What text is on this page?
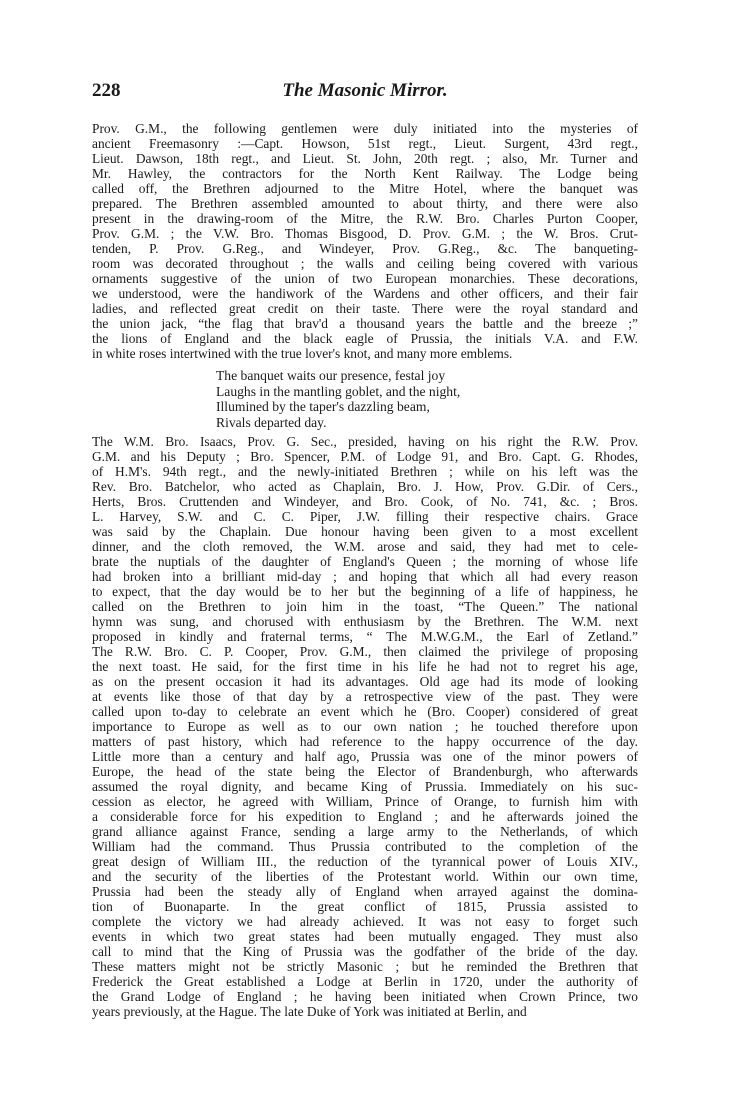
228	The Masonic Mirror.
Prov. G.M., the following gentlemen were duly initiated into the mysteries of
ancient Freemasonry :—Capt. Howson, 51st regt., Lieut. Surgent, 43rd regt.,
Lieut. Dawson, 18th regt., and Lieut. St. John, 20th regt. ; also, Mr. Turner and
Mr. Hawley, the contractors for the North Kent Railway. The Lodge being
called off, the Brethren adjourned to the Mitre Hotel, where the banquet was
prepared. The Brethren assembled amounted to about thirty, and there were also
present in the drawing-room of the Mitre, the R.W. Bro. Charles Purton Cooper,
Prov. G.M. ; the V.W. Bro. Thomas Bisgood, D. Prov. G.M. ; the W. Bros. Crut-
tenden, P. Prov. G.Reg., and Windeyer, Prov. G.Reg., &c. The banqueting-
room was decorated throughout ; the walls and ceiling being covered with various
ornaments suggestive of the union of two European monarchies. These decorations,
we understood, were the handiwork of the Wardens and other officers, and their fair
ladies, and reflected great credit on their taste. There were the royal standard and
the union jack, “the flag that brav'd a thousand years the battle and the breeze ;”
the lions of England and the black eagle of Prussia, the initials V.A. and F.W.
in white roses intertwined with the true lover's knot, and many more emblems.
The banquet waits our presence, festal joy
Laughs in the mantling goblet, and the night,
Illumined by the taper's dazzling beam,
Rivals departed day.
The W.M. Bro. Isaacs, Prov. G. Sec., presided, having on his right the R.W. Prov.
G.M. and his Deputy ; Bro. Spencer, P.M. of Lodge 91, and Bro. Capt. G. Rhodes,
of H.M's. 94th regt., and the newly-initiated Brethren ; while on his left was the
Rev. Bro. Batchelor, who acted as Chaplain, Bro. J. How, Prov. G.Dir. of Cers.,
Herts, Bros. Cruttenden and Windeyer, and Bro. Cook, of No. 741, &c. ; Bros.
L. Harvey, S.W. and C. C. Piper, J.W. filling their respective chairs. Grace
was said by the Chaplain. Due honour having been given to a most excellent
dinner, and the cloth removed, the W.M. arose and said, they had met to cele-
brate the nuptials of the daughter of England's Queen ; the morning of whose life
had broken into a brilliant mid-day ; and hoping that which all had every reason
to expect, that the day would be to her but the beginning of a life of happiness, he
called on the Brethren to join him in the toast, “The Queen.” The national
hymn was sung, and chorused with enthusiasm by the Brethren. The W.M. next
proposed in kindly and fraternal terms, “ The M.W.G.M., the Earl of Zetland.”
The R.W. Bro. C. P. Cooper, Prov. G.M., then claimed the privilege of proposing
the next toast. He said, for the first time in his life he had not to regret his age,
as on the present occasion it had its advantages. Old age had its mode of looking
at events like those of that day by a retrospective view of the past. They were
called upon to-day to celebrate an event which he (Bro. Cooper) considered of great
importance to Europe as well as to our own nation ; he touched therefore upon
matters of past history, which had reference to the happy occurrence of the day.
Little more than a century and half ago, Prussia was one of the minor powers of
Europe, the head of the state being the Elector of Brandenburgh, who afterwards
assumed the royal dignity, and became King of Prussia. Immediately on his suc-
cession as elector, he agreed with William, Prince of Orange, to furnish him with
a considerable force for his expedition to England ; and he afterwards joined the
grand alliance against France, sending a large army to the Netherlands, of which
William had the command. Thus Prussia contributed to the completion of the
great design of William III., the reduction of the tyrannical power of Louis XIV.,
and the security of the liberties of the Protestant world. Within our own time,
Prussia had been the steady ally of England when arrayed against the domina-
tion of Buonaparte. In the great conflict of 1815, Prussia assisted to
complete the victory we had already achieved. It was not easy to forget such
events in which two great states had been mutually engaged. They must also
call to mind that the King of Prussia was the godfather of the bride of the day.
These matters might not be strictly Masonic ; but he reminded the Brethren that
Frederick the Great established a Lodge at Berlin in 1720, under the authority of
the Grand Lodge of England ; he having been initiated when Crown Prince, two
years previously, at the Hague. The late Duke of York was initiated at Berlin, and
